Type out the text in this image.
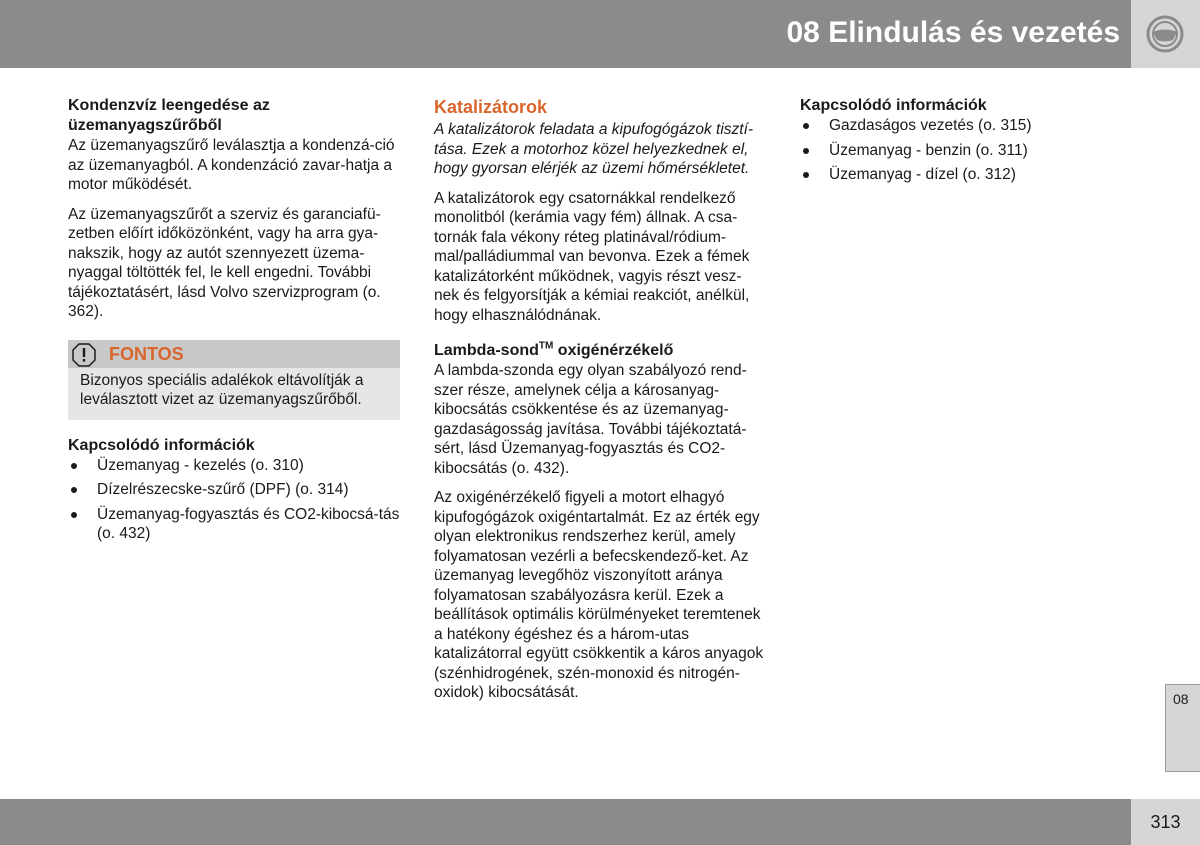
08 Elindulás és vezetés
Kondenzvíz leengedése az üzemanyagszűrőből

Az üzemanyagszűrő leválasztja a kondenzá-ció az üzemanyagból. A kondenzáció zavar-hatja a motor működését.

Az üzemanyagszűrőt a szerviz és garanciafü-zetben előírt időközönként, vagy ha arra gya-nakszik, hogy az autót szennyezett üzema-nyaggal töltötték fel, le kell engedni. További tájékoztatásért, lásd Volvo szervizprogram (o. 362).

FONTOS
Bizonyos speciális adalékok eltávolítják a leválasztott vizet az üzemanyagszűrőből.
Kapcsolódó információk
Üzemanyag - kezelés (o. 310)
Dízelrészecske-szűrő (DPF) (o. 314)
Üzemanyag-fogyasztás és CO2-kibocsá-tás (o. 432)
Katalizátorok

A katalizátorok feladata a kipufogógázok tisztí-tása. Ezek a motorhoz közel helyezkednek el, hogy gyorsan elérjék az üzemi hőmérsékletet.

A katalizátorok egy csatornákkal rendelkező monolitból (kerámia vagy fém) állnak. A csa-tornák fala vékony réteg platinával/ródium-mal/palládiummal van bevonva. Ezek a fémek katalizátorként működnek, vagyis részt vesz-nek és felgyorsítják a kémiai reakciót, anélkül, hogy elhasználódnának.

Lambda-sond™ oxigénérzékelő

A lambda-szonda egy olyan szabályozó rend-szer része, amelynek célja a károsanyag-kibocsátás csökkentése és az üzemanyag-gazdaságosság javítása. További tájékoztatá-sért, lásd Üzemanyag-fogyasztás és CO2-kibocsátás (o. 432).

Az oxigénérzékelő figyeli a motort elhagyó kipufogógázok oxigéntartalmát. Ez az érték egy olyan elektronikus rendszerhez kerül, amely folyamatosan vezérli a befecskendező-ket. Az üzemanyag levegőhöz viszonyított aránya folyamatosan szabályozásra kerül. Ezek a beállítások optimális körülményeket teremtenek a hatékony égéshez és a három-utas katalizátorral együtt csökkentik a káros anyagok (szénhidrogének, szén-monoxid és nitrogén-oxidok) kibocsátását.

Kapcsolódó információk
Gazdaságos vezetés (o. 315)
Üzemanyag - benzin (o. 311)
Üzemanyag - dízel (o. 312)
08
313
